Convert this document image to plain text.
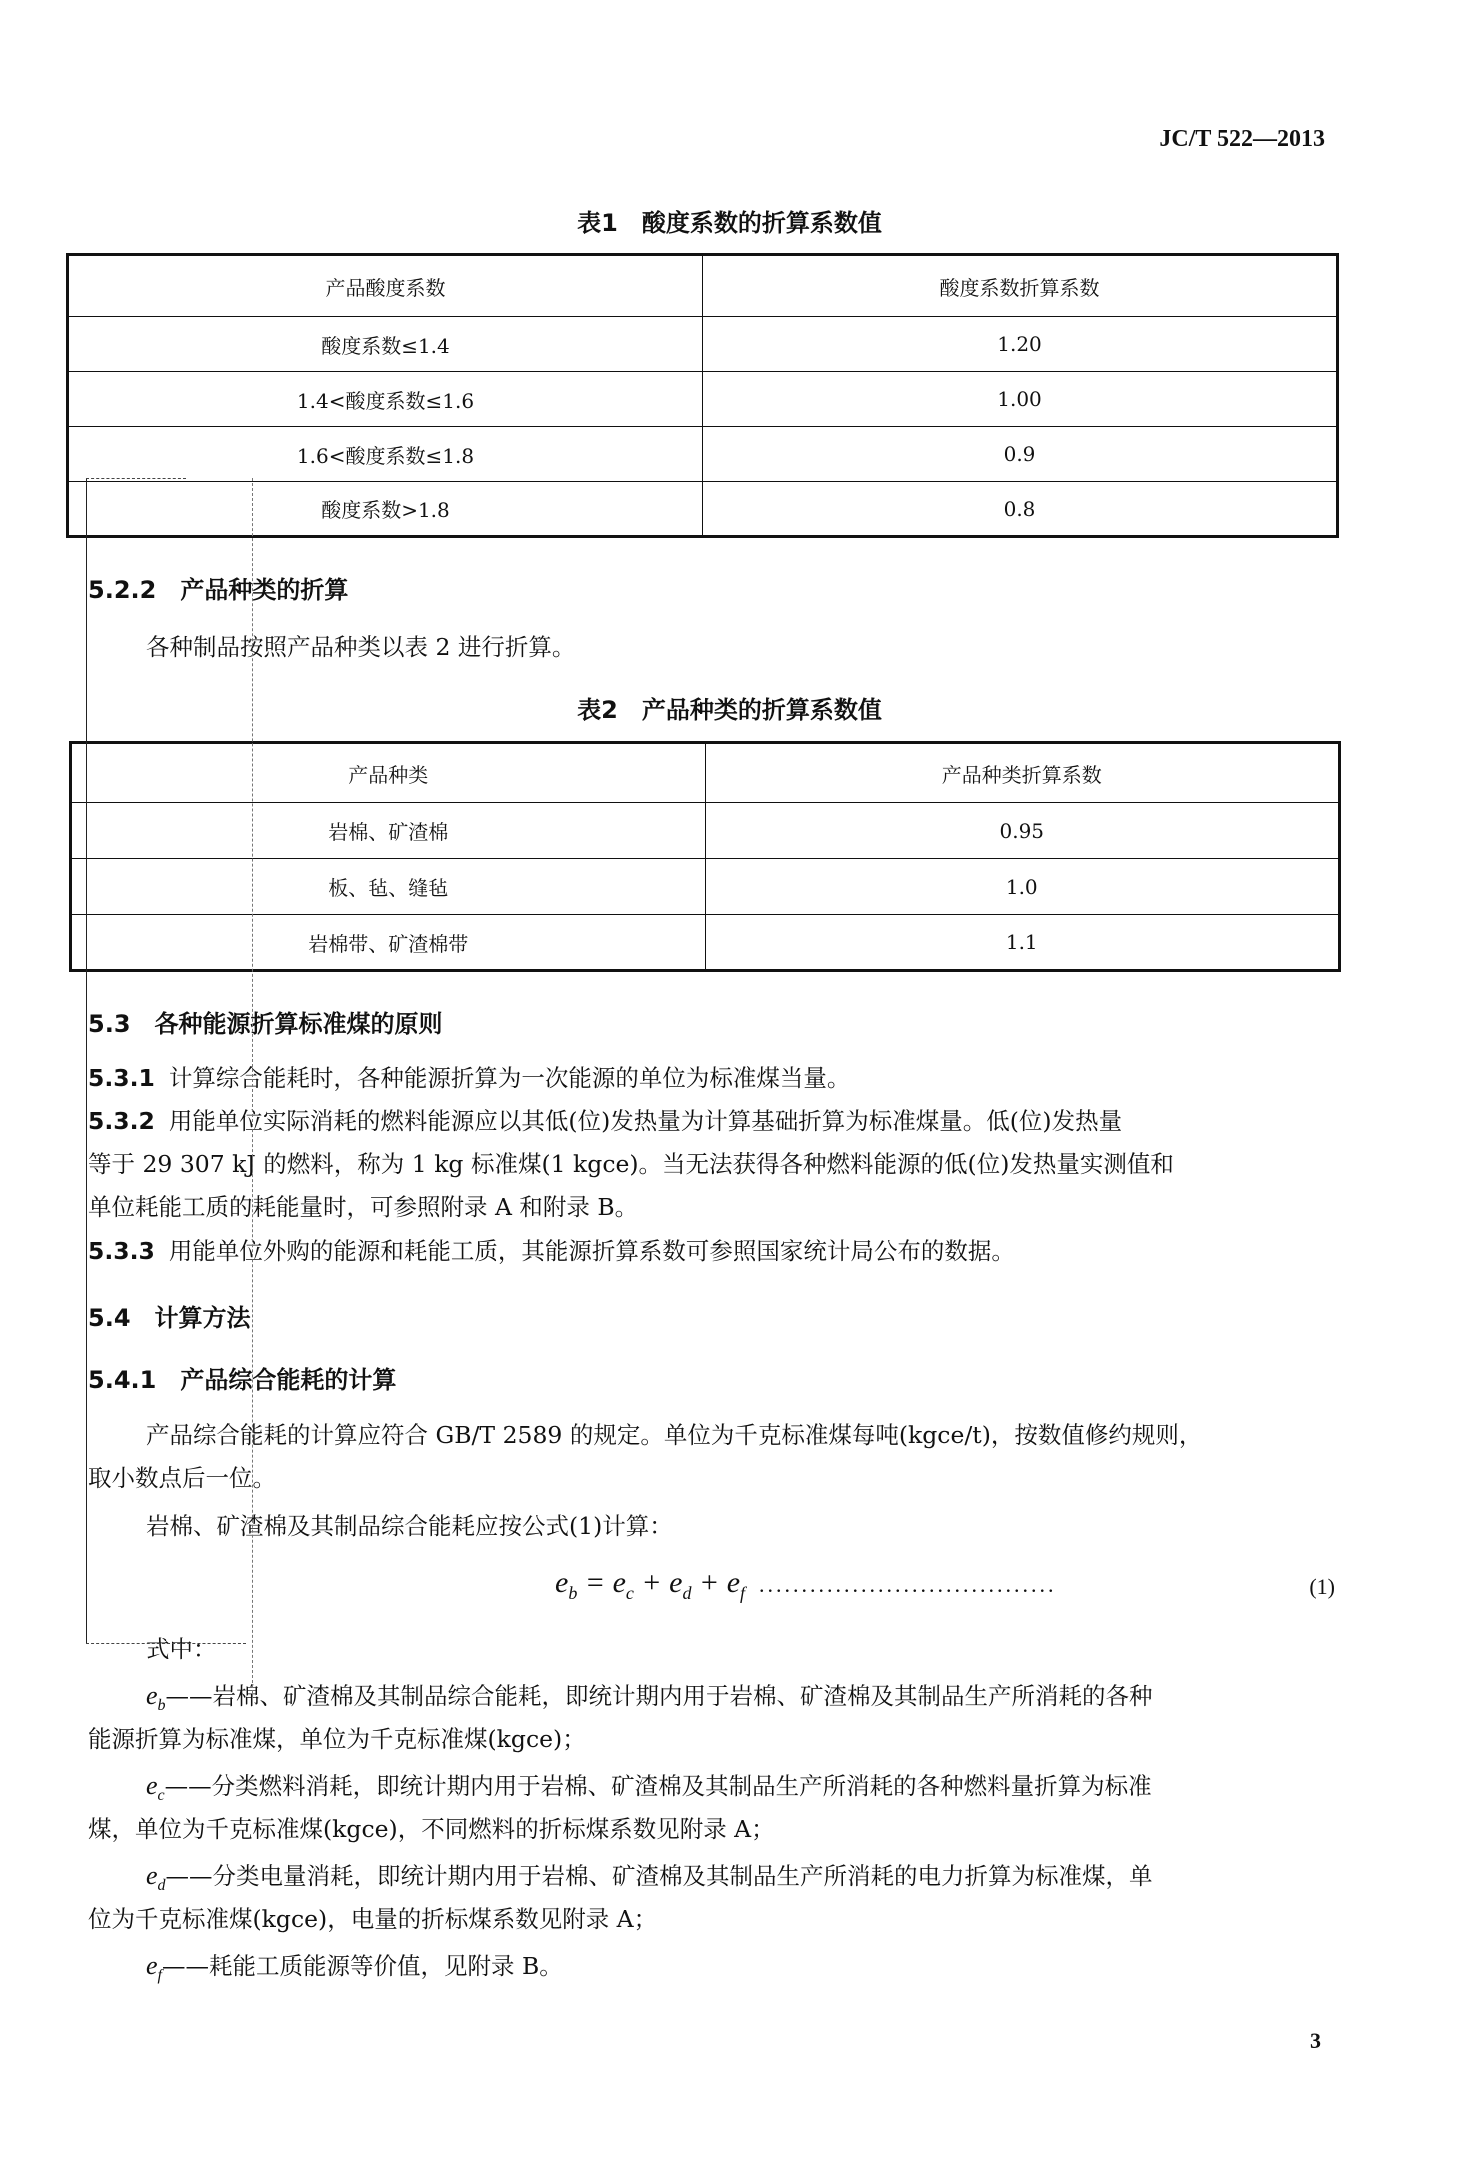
JC/T 522—2013
表1　酸度系数的折算系数值
产品酸度系数	酸度系数折算系数
酸度系数≤1.4	1.20
1.4<酸度系数≤1.6	1.00
1.6<酸度系数≤1.8	0.9
酸度系数>1.8	0.8
5.2.2　产品种类的折算
各种制品按照产品种类以表 2 进行折算。
表2　产品种类的折算系数值
产品种类	产品种类折算系数
岩棉、矿渣棉	0.95
板、毡、缝毡	1.0
岩棉带、矿渣棉带	1.1
5.3　各种能源折算标准煤的原则
5.3.1 计算综合能耗时，各种能源折算为一次能源的单位为标准煤当量。
5.3.2 用能单位实际消耗的燃料能源应以其低(位)发热量为计算基础折算为标准煤量。低(位)发热量
等于 29 307 kJ 的燃料，称为 1 kg 标准煤(1 kgce)。当无法获得各种燃料能源的低(位)发热量实测值和
单位耗能工质的耗能量时，可参照附录 A 和附录 B。
5.3.3 用能单位外购的能源和耗能工质，其能源折算系数可参照国家统计局公布的数据。
5.4　计算方法
5.4.1　产品综合能耗的计算
产品综合能耗的计算应符合 GB/T 2589 的规定。单位为千克标准煤每吨(kgce/t)，按数值修约规则，
取小数点后一位。
岩棉、矿渣棉及其制品综合能耗应按公式(1)计算：
$e_b = e_c + e_d + e_f$ ...................................	(1)
式中：
$e_b——$岩棉、矿渣棉及其制品综合能耗，即统计期内用于岩棉、矿渣棉及其制品生产所消耗的各种
能源折算为标准煤，单位为千克标准煤(kgce)；
$e_c——$分类燃料消耗，即统计期内用于岩棉、矿渣棉及其制品生产所消耗的各种燃料量折算为标准
煤，单位为千克标准煤(kgce)，不同燃料的折标煤系数见附录 A；
$e_d——$分类电量消耗，即统计期内用于岩棉、矿渣棉及其制品生产所消耗的电力折算为标准煤，单
位为千克标准煤(kgce)，电量的折标煤系数见附录 A；
$e_f——$耗能工质能源等价值，见附录 B。
3
